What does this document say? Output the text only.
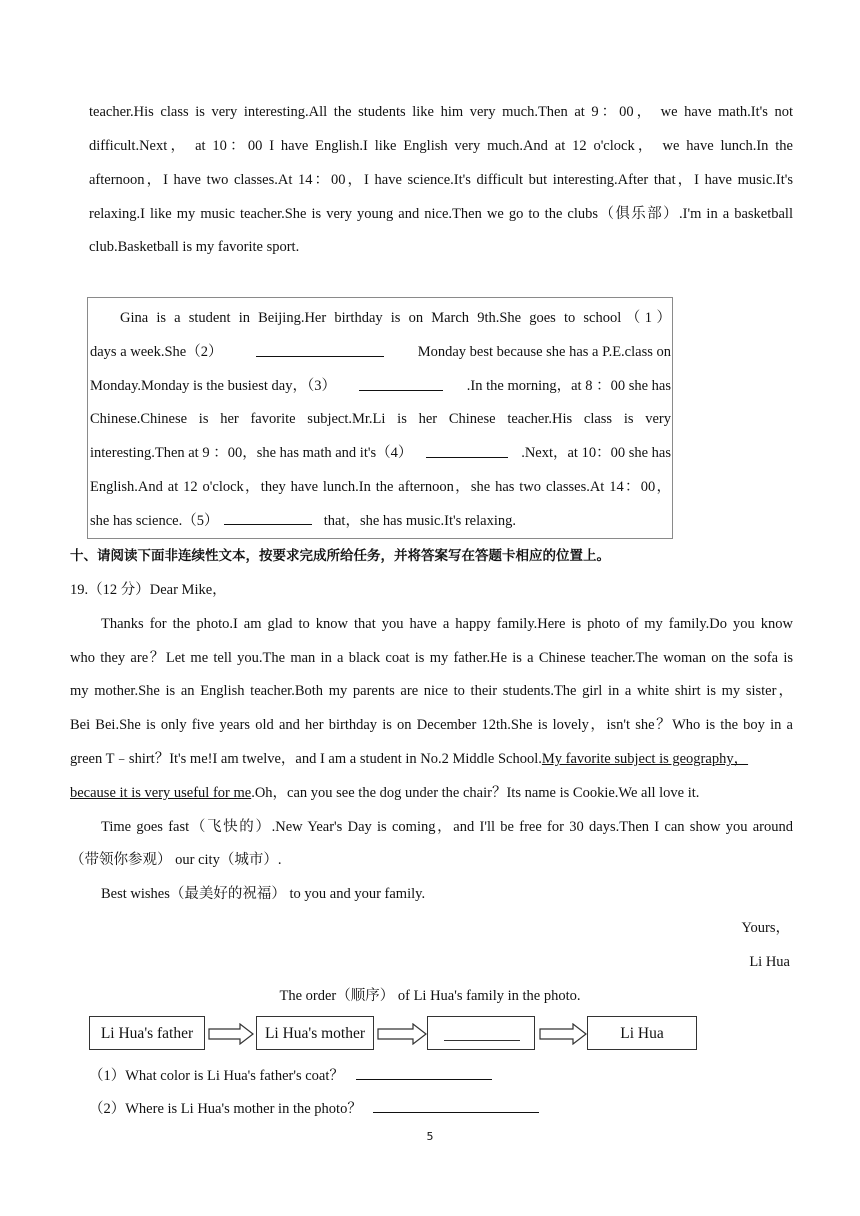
teacher.His class is very interesting.All the students like him very much.Then at 9：00， we have math.It's not
difficult.Next， at 10：00 I have English.I like English very much.And at 12 o'clock， we have lunch.In the
afternoon，I have two classes.At 14：00，I have science.It's difficult but interesting.After that，I have music.It's
relaxing.I like my music teacher.She is very young and nice.Then we go to the clubs（俱乐部）.I'm in a basketball
club.Basketball is my favorite sport.
Gina is a student in Beijing.Her birthday is on March 9th.She goes to school（1）
days a week.She（2）	Monday best because she has a P.E.class on
Monday.Monday is the busiest day，（3）	.In the morning，at 8 ：00 she has
Chinese.Chinese is her favorite subject.Mr.Li is her Chinese teacher.His class is very
interesting.Then at 9 ：00，she has math and it's（4）	.Next，at 10：00 she has
English.And at 12 o'clock，they have lunch.In the afternoon，she has two classes.At 14：00，
she has science.（5）	that，she has music.It's relaxing.
十、请阅读下面非连续性文本，按要求完成所给任务，并将答案写在答题卡相应的位置上。
19.（12 分）Dear Mike，
Thanks for the photo.I am glad to know that you have a happy family.Here is photo of my family.Do you know
who they are？Let me tell you.The man in a black coat is my father.He is a Chinese teacher.The woman on the sofa is
my mother.She is an English teacher.Both my parents are nice to their students.The girl in a white shirt is my sister，
Bei Bei.She is only five years old and her birthday is on December 12th.She is lovely，isn't she？Who is the boy in a
green T﹣shirt？It's me!I am twelve，and I am a student in No.2 Middle School.My favorite subject is geography，
because it is very useful for me.Oh，can you see the dog under the chair？Its name is Cookie.We all love it.
Time goes fast（飞快的）.New Year's Day is coming，and I'll be free for 30 days.Then I can show you around
（带领你参观） our city（城市）.
Best wishes（最美好的祝福） to you and your family.
Yours，
Li Hua
The order（顺序） of Li Hua's family in the photo.
Li Hua's father	Li Hua's mother	Li Hua
（1）What color is Li Hua's father's coat？
（2）Where is Li Hua's mother in the photo？
5
